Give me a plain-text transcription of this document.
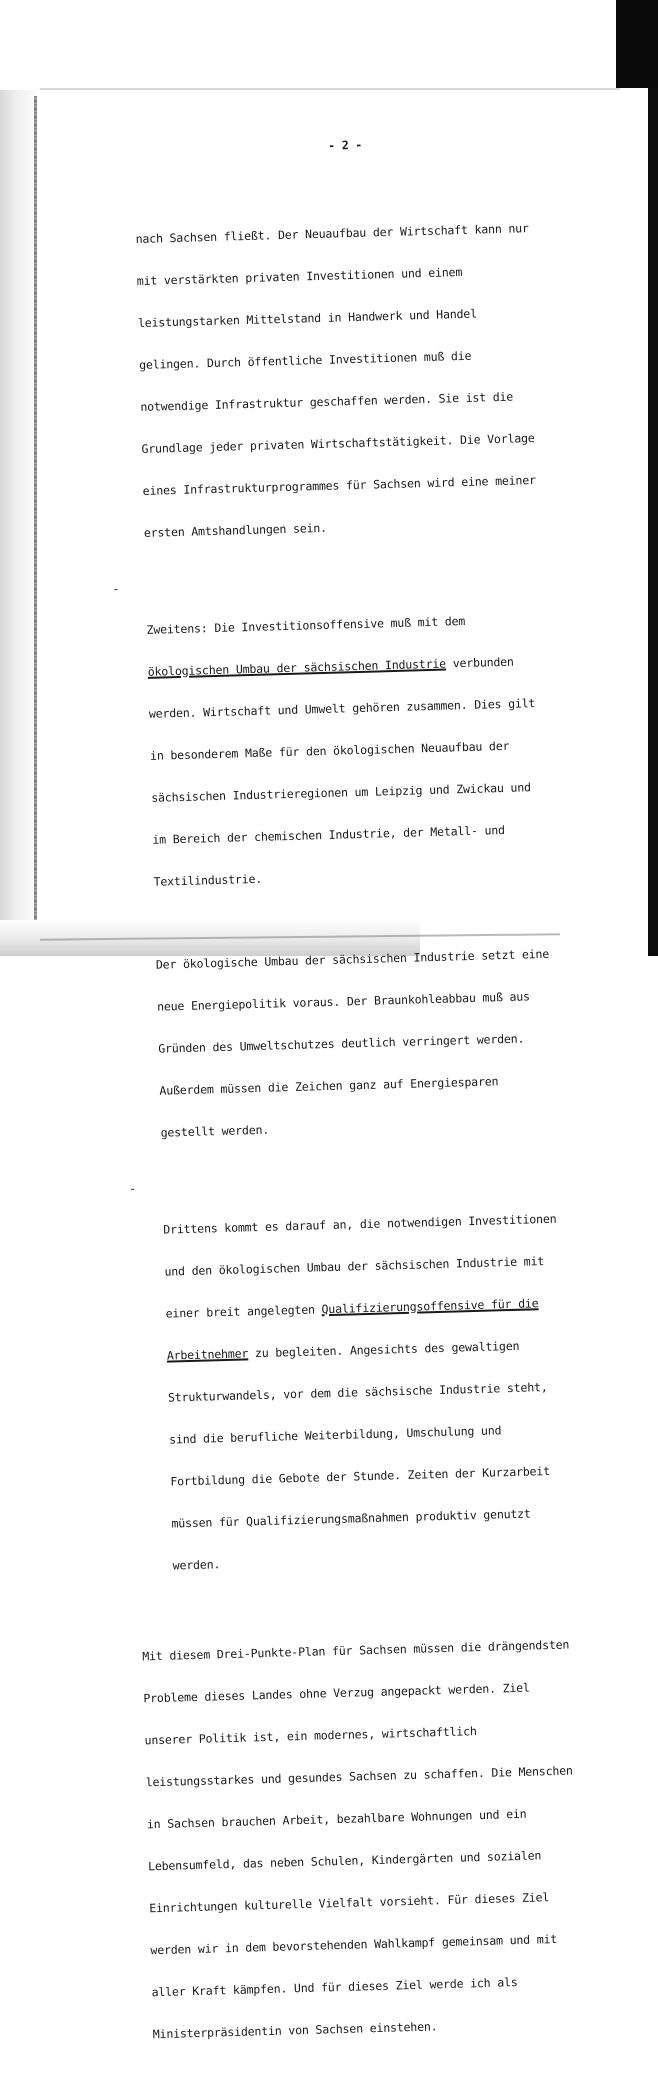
- 2 -

nach Sachsen fließt. Der Neuaufbau der Wirtschaft kann nur

mit verstärkten privaten Investitionen und einem

leistungstarken Mittelstand in Handwerk und Handel

gelingen. Durch öffentliche Investitionen muß die

notwendige Infrastruktur geschaffen werden. Sie ist die

Grundlage jeder privaten Wirtschaftstätigkeit. Die Vorlage

eines Infrastrukturprogrammes für Sachsen wird eine meiner

ersten Amtshandlungen sein.

-

Zweitens: Die Investitionsoffensive muß mit dem

ökologischen Umbau der sächsischen Industrie verbunden

werden. Wirtschaft und Umwelt gehören zusammen. Dies gilt

in besonderem Maße für den ökologischen Neuaufbau der

sächsischen Industrieregionen um Leipzig und Zwickau und

im Bereich der chemischen Industrie, der Metall- und

Textilindustrie.

Der ökologische Umbau der sächsischen Industrie setzt eine

neue Energiepolitik voraus. Der Braunkohleabbau muß aus

Gründen des Umweltschutzes deutlich verringert werden.

Außerdem müssen die Zeichen ganz auf Energiesparen

gestellt werden.

-

Drittens kommt es darauf an, die notwendigen Investitionen

und den ökologischen Umbau der sächsischen Industrie mit

einer breit angelegten Qualifizierungsoffensive für die

Arbeitnehmer zu begleiten. Angesichts des gewaltigen

Strukturwandels, vor dem die sächsische Industrie steht,

sind die berufliche Weiterbildung, Umschulung und

Fortbildung die Gebote der Stunde. Zeiten der Kurzarbeit

müssen für Qualifizierungsmaßnahmen produktiv genutzt

werden.

Mit diesem Drei-Punkte-Plan für Sachsen müssen die drängendsten

Probleme dieses Landes ohne Verzug angepackt werden. Ziel

unserer Politik ist, ein modernes, wirtschaftlich

leistungsstarkes und gesundes Sachsen zu schaffen. Die Menschen

in Sachsen brauchen Arbeit, bezahlbare Wohnungen und ein

Lebensumfeld, das neben Schulen, Kindergärten und sozialen

Einrichtungen kulturelle Vielfalt vorsieht. Für dieses Ziel

werden wir in dem bevorstehenden Wahlkampf gemeinsam und mit

aller Kraft kämpfen. Und für dieses Ziel werde ich als

Ministerpräsidentin von Sachsen einstehen.
